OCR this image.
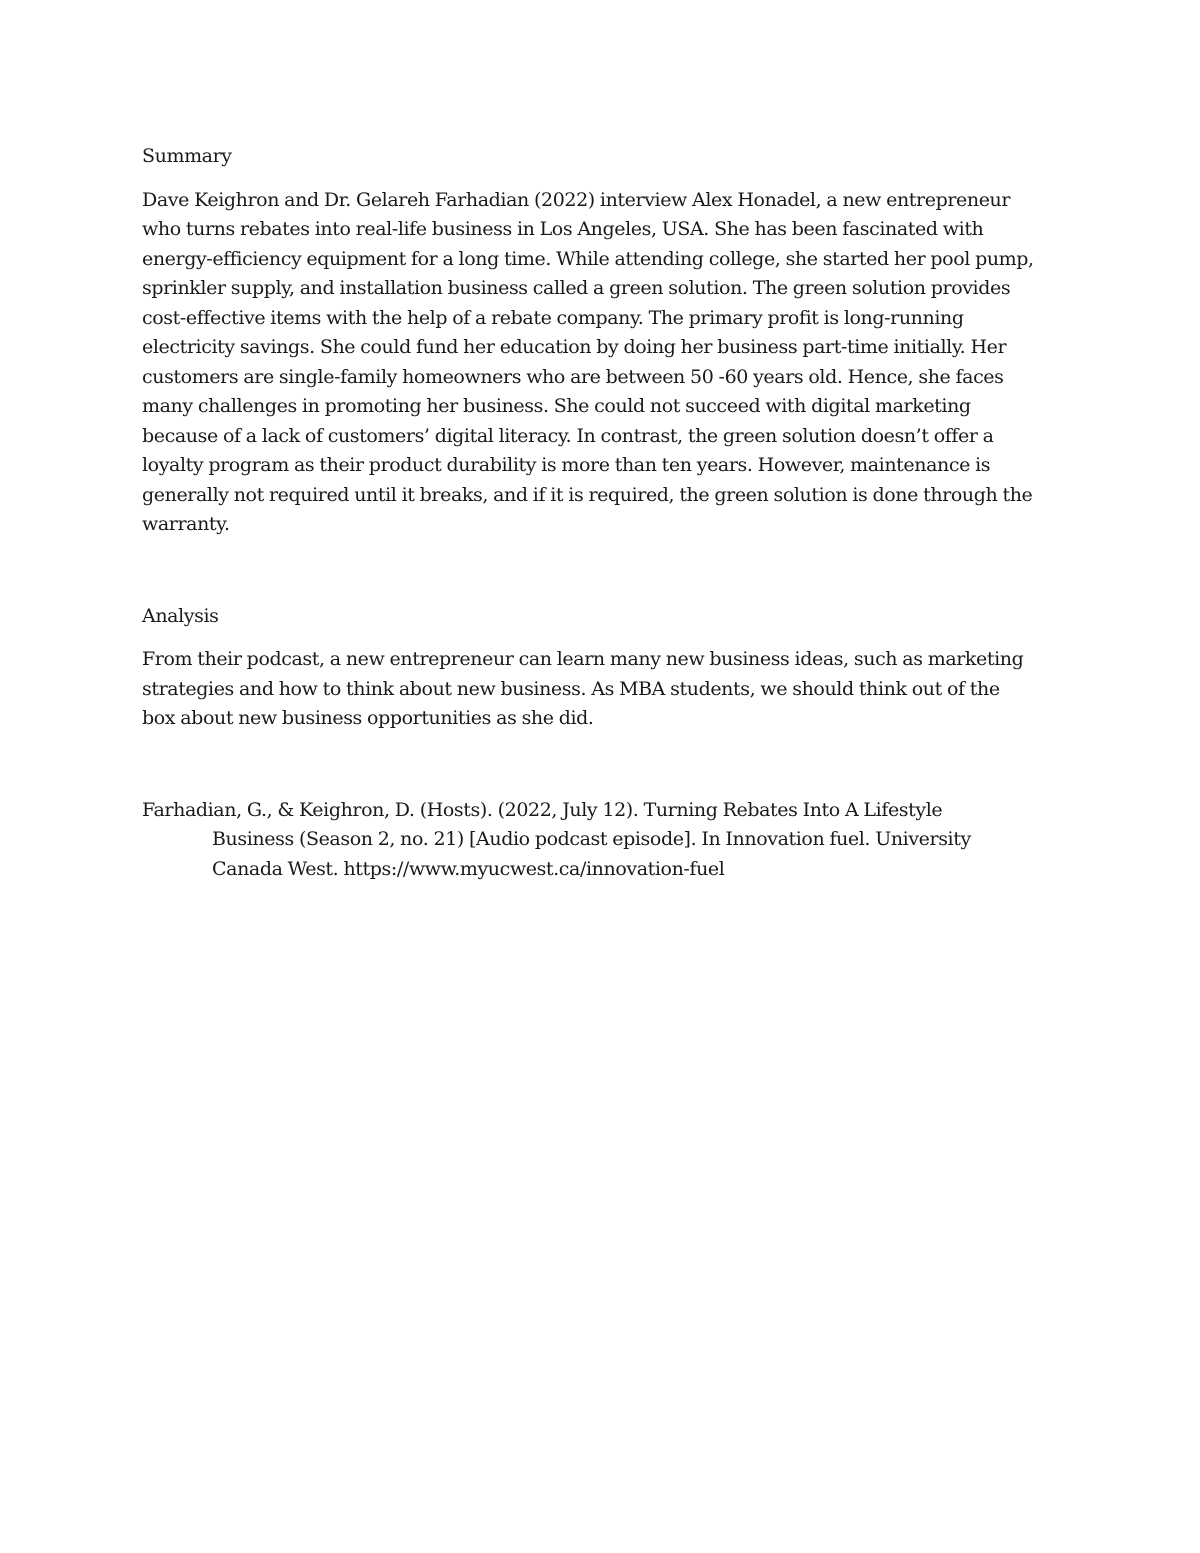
Summary

Dave Keighron and Dr. Gelareh Farhadian (2022) interview Alex Honadel, a new entrepreneur
who turns rebates into real-life business in Los Angeles, USA. She has been fascinated with
energy-efficiency equipment for a long time. While attending college, she started her pool pump,
sprinkler supply, and installation business called a green solution. The green solution provides
cost-effective items with the help of a rebate company. The primary profit is long-running
electricity savings. She could fund her education by doing her business part-time initially. Her
customers are single-family homeowners who are between 50 -60 years old. Hence, she faces
many challenges in promoting her business. She could not succeed with digital marketing
because of a lack of customers’ digital literacy. In contrast, the green solution doesn’t offer a
loyalty program as their product durability is more than ten years. However, maintenance is
generally not required until it breaks, and if it is required, the green solution is done through the
warranty.

Analysis

From their podcast, a new entrepreneur can learn many new business ideas, such as marketing
strategies and how to think about new business. As MBA students, we should think out of the
box about new business opportunities as she did.

Farhadian, G., & Keighron, D. (Hosts). (2022, July 12). Turning Rebates Into A Lifestyle
Business (Season 2, no. 21) [Audio podcast episode]. In Innovation fuel. University
Canada West. https://www.myucwest.ca/innovation-fuel
